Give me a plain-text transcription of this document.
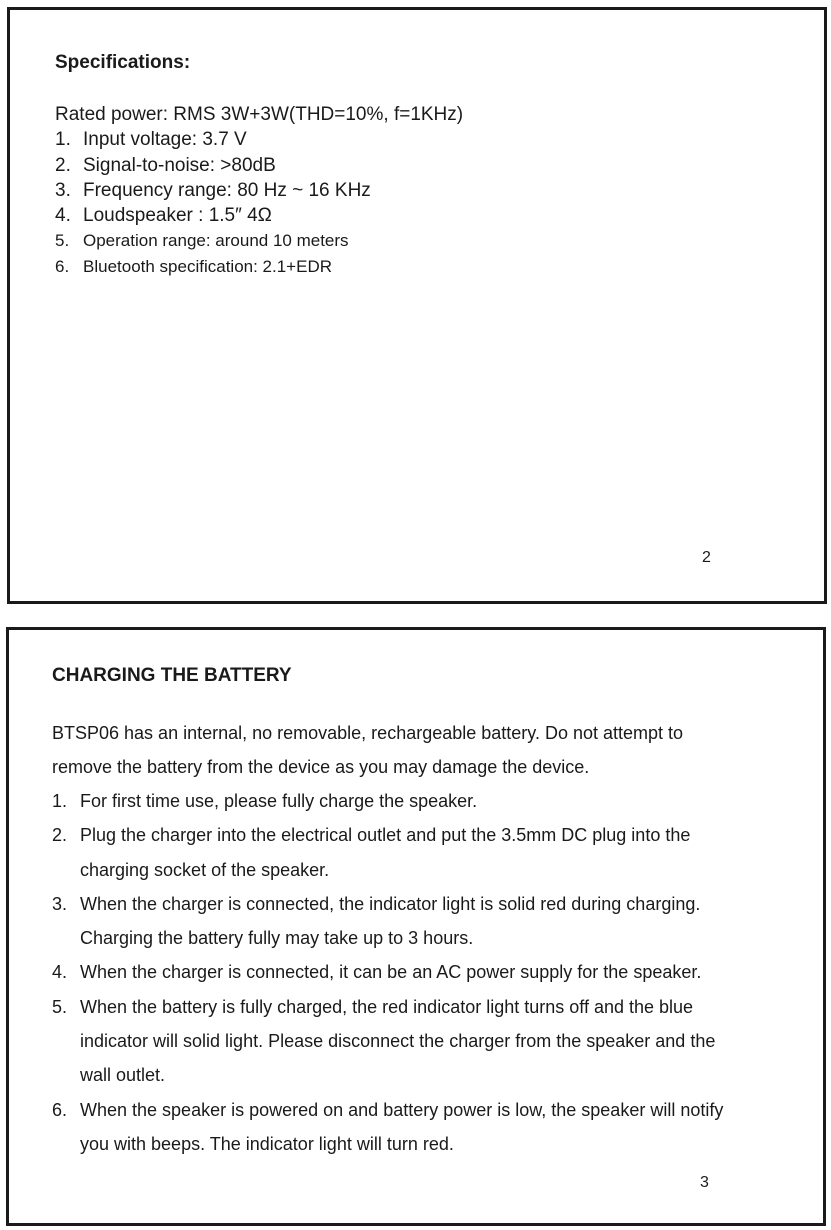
Specifications:
Rated power: RMS 3W+3W(THD=10%, f=1KHz)
1. Input voltage: 3.7 V
2. Signal-to-noise: >80dB
3. Frequency range: 80 Hz ~ 16 KHz
4. Loudspeaker : 1.5″ 4Ω
5. Operation range: around 10 meters
6. Bluetooth specification: 2.1+EDR

2

CHARGING THE BATTERY
BTSP06 has an internal, no removable, rechargeable battery. Do not attempt to
remove the battery from the device as you may damage the device.
1. For first time use, please fully charge the speaker.
2. Plug the charger into the electrical outlet and put the 3.5mm DC plug into the
charging socket of the speaker.
3. When the charger is connected, the indicator light is solid red during charging.
Charging the battery fully may take up to 3 hours.
4. When the charger is connected, it can be an AC power supply for the speaker.
5. When the battery is fully charged, the red indicator light turns off and the blue
indicator will solid light. Please disconnect the charger from the speaker and the
wall outlet.
6. When the speaker is powered on and battery power is low, the speaker will notify
you with beeps. The indicator light will turn red.

3
